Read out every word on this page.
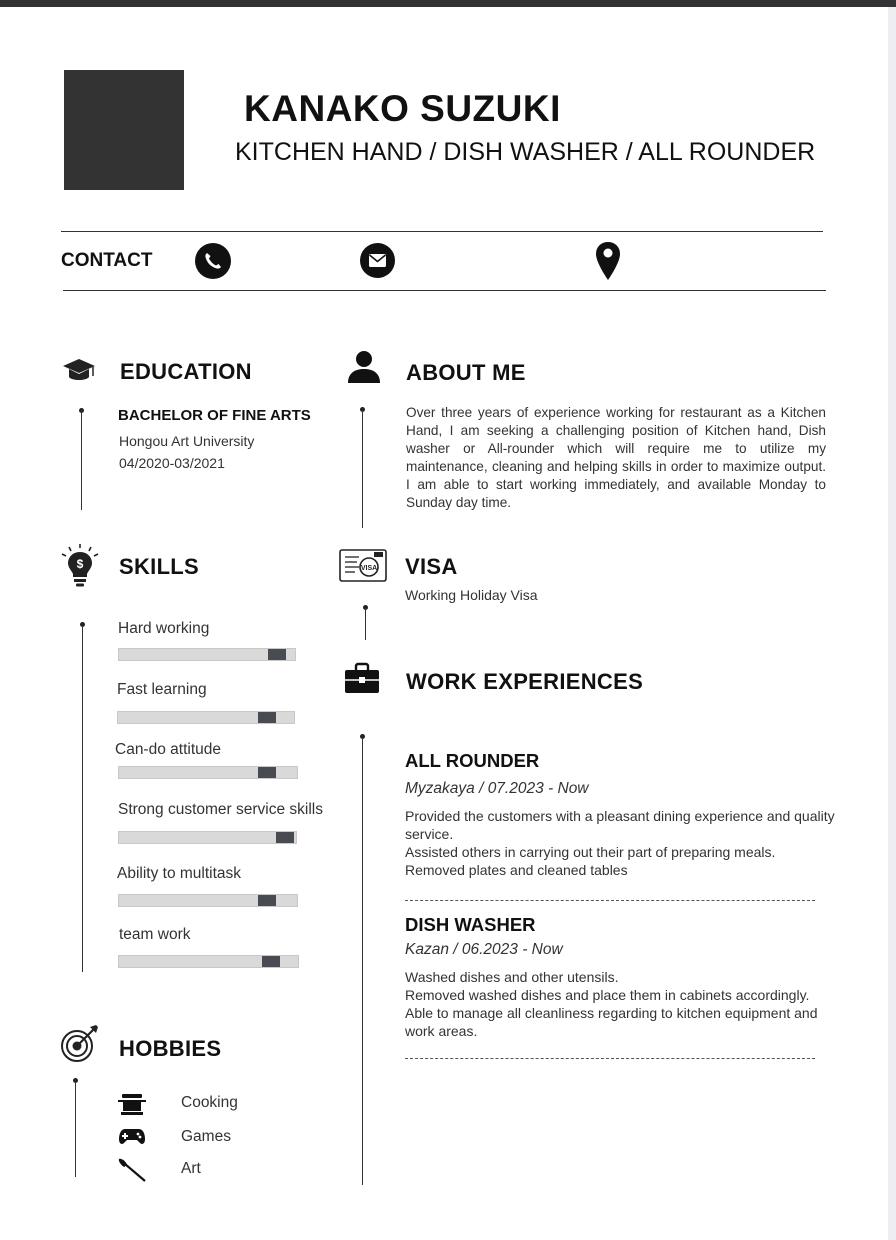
KANAKO SUZUKI
KITCHEN HAND / DISH WASHER / ALL ROUNDER
CONTACT
EDUCATION
BACHELOR OF FINE ARTS
Hongou Art University
04/2020-03/2021
ABOUT ME
Over three years of experience working for restaurant as a Kitchen Hand, I am seeking a challenging position of Kitchen hand, Dish washer or All-rounder which will require me to utilize my maintenance, cleaning and helping skills in order to maximize output. I am able to start working immediately, and available Monday to Sunday day time.
$ SKILLS
Hard working
Fast learning
Can-do attitude
Strong customer service skills
Ability to multitask
team work
VISA VISA
Working Holiday Visa
WORK EXPERIENCES
ALL ROUNDER
Myzakaya / 07.2023 - Now
Provided the customers with a pleasant dining experience and quality service.
Assisted others in carrying out their part of preparing meals.
Removed plates and cleaned tables
DISH WASHER
Kazan / 06.2023 - Now
Washed dishes and other utensils.
Removed washed dishes and place them in cabinets accordingly.
Able to manage all cleanliness regarding to kitchen equipment and work areas.
HOBBIES
Cooking
Games
Art
